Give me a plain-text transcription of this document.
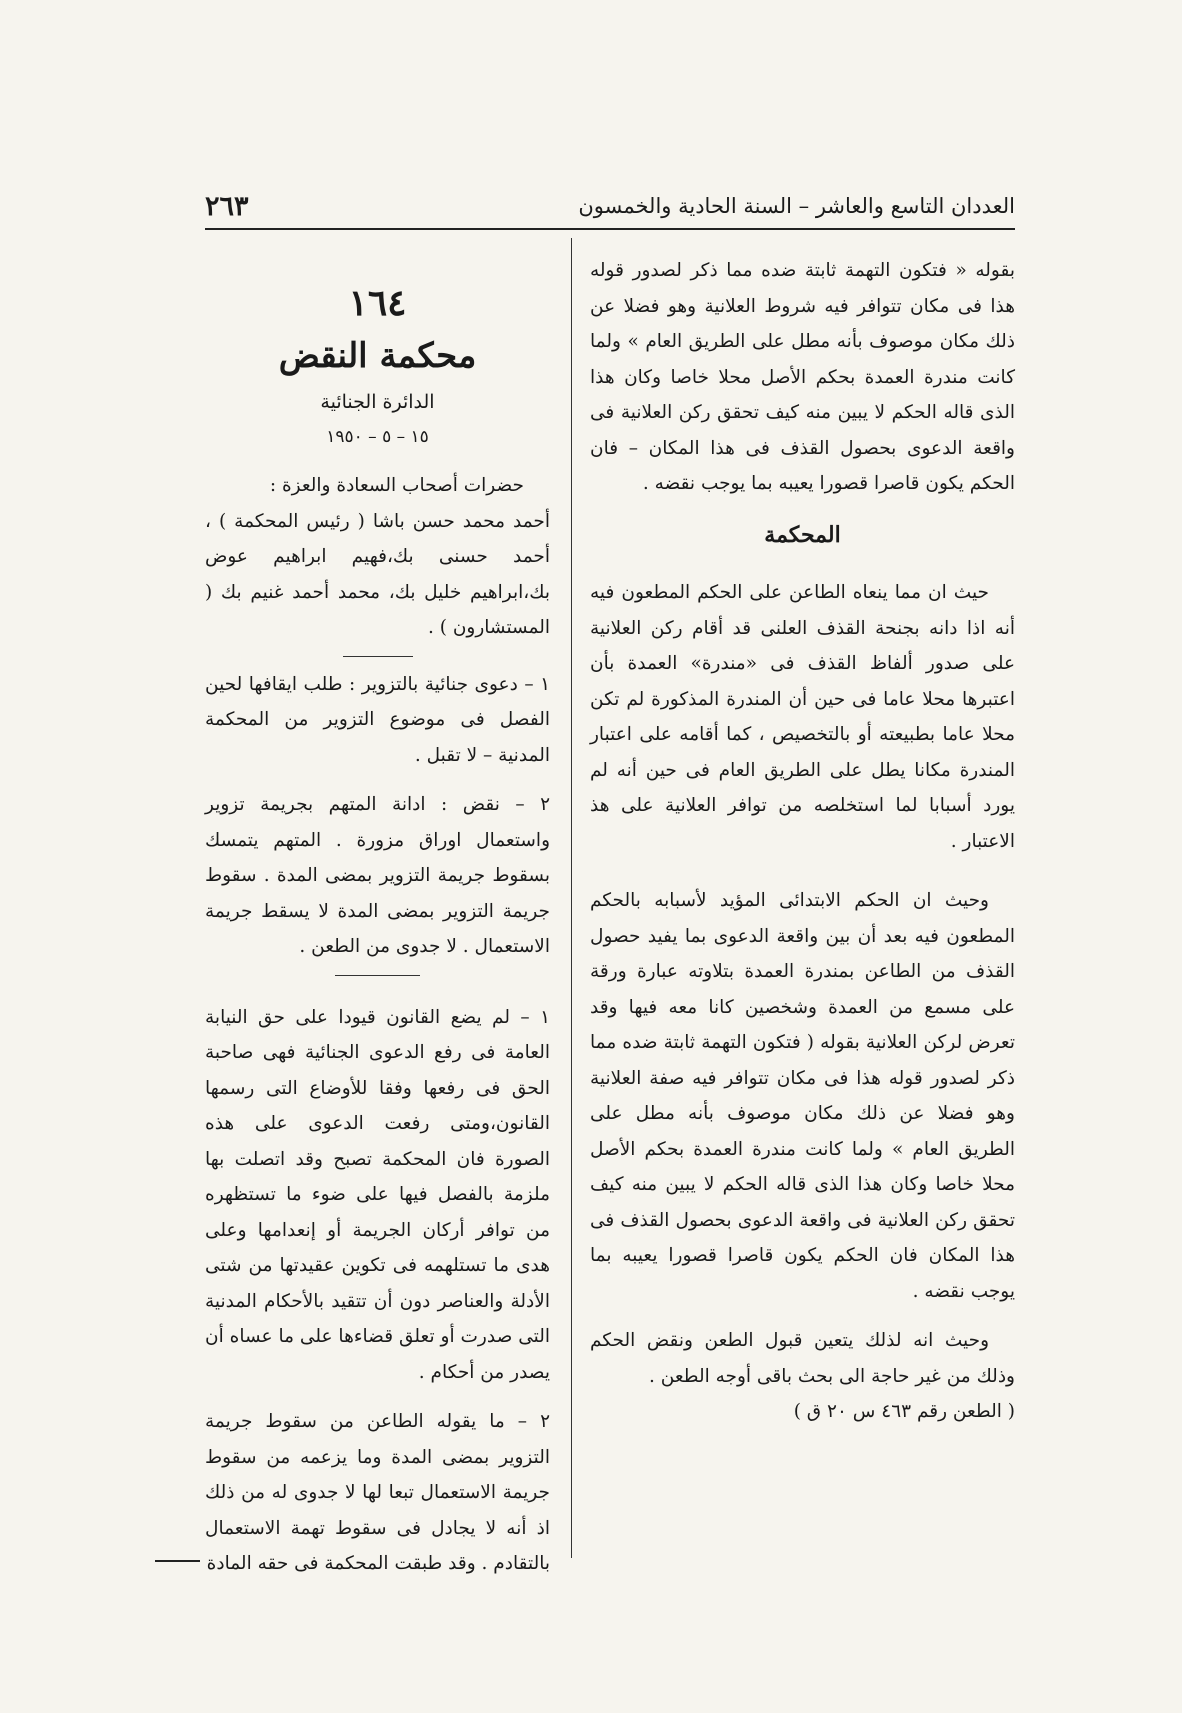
٢٦٣	العددان التاسع والعاشر – السنة الحادية والخمسون

بقوله « فتكون التهمة ثابتة ضده مما ذكر لصدور قوله هذا فى مكان تتوافر فيه شروط العلانية وهو فضلا عن ذلك مكان موصوف بأنه مطل على الطريق العام » ولما كانت مندرة العمدة بحكم الأصل محلا خاصا وكان هذا الذى قاله الحكم لا يبين منه كيف تحقق ركن العلانية فى واقعة الدعوى بحصول القذف فى هذا المكان – فان الحكم يكون قاصرا قصورا يعيبه بما يوجب نقضه .

المحكمة

حيث ان مما ينعاه الطاعن على الحكم المطعون فيه أنه اذا دانه بجنحة القذف العلنى قد أقام ركن العلانية على صدور ألفاظ القذف فى «مندرة» العمدة بأن اعتبرها محلا عاما فى حين أن المندرة المذكورة لم تكن محلا عاما بطبيعته أو بالتخصيص ، كما أقامه على اعتبار المندرة مكانا يطل على الطريق العام فى حين أنه لم يورد أسبابا لما استخلصه من توافر العلانية على هذ الاعتبار .

وحيث ان الحكم الابتدائى المؤيد لأسبابه بالحكم المطعون فيه بعد أن بين واقعة الدعوى بما يفيد حصول القذف من الطاعن بمندرة العمدة بتلاوته عبارة ورقة على مسمع من العمدة وشخصين كانا معه فيها وقد تعرض لركن العلانية بقوله ( فتكون التهمة ثابتة ضده مما ذكر لصدور قوله هذا فى مكان تتوافر فيه صفة العلانية وهو فضلا عن ذلك مكان موصوف بأنه مطل على الطريق العام » ولما كانت مندرة العمدة بحكم الأصل محلا خاصا وكان هذا الذى قاله الحكم لا يبين منه كيف تحقق ركن العلانية فى واقعة الدعوى بحصول القذف فى هذا المكان فان الحكم يكون قاصرا قصورا يعيبه بما يوجب نقضه .

وحيث انه لذلك يتعين قبول الطعن ونقض الحكم وذلك من غير حاجة الى بحث باقى أوجه الطعن .

( الطعن رقم ٤٦٣ س ٢٠ ق )

١٦٤
محكمة النقض
الدائرة الجنائية
١٥ – ٥ – ١٩٥٠

حضرات أصحاب السعادة والعزة :

أحمد محمد حسن باشا ( رئيس المحكمة ) ، أحمد حسنى بك،فهيم ابراهيم عوض بك،ابراهيم خليل بك، محمد أحمد غنيم بك ( المستشارون ) .

١ – دعوى جنائية بالتزوير : طلب ايقافها لحين الفصل فى موضوع التزوير من المحكمة المدنية – لا تقبل .

٢ – نقض : ادانة المتهم بجريمة تزوير واستعمال اوراق مزورة . المتهم يتمسك بسقوط جريمة التزوير بمضى المدة . سقوط جريمة التزوير بمضى المدة لا يسقط جريمة الاستعمال . لا جدوى من الطعن .

١ – لم يضع القانون قيودا على حق النيابة العامة فى رفع الدعوى الجنائية فهى صاحبة الحق فى رفعها وفقا للأوضاع التى رسمها القانون،ومتى رفعت الدعوى على هذه الصورة فان المحكمة تصبح وقد اتصلت بها ملزمة بالفصل فيها على ضوء ما تستظهره من توافر أركان الجريمة أو إنعدامها وعلى هدى ما تستلهمه فى تكوين عقيدتها من شتى الأدلة والعناصر دون أن تتقيد بالأحكام المدنية التى صدرت أو تعلق قضاءها على ما عساه أن يصدر من أحكام .

٢ – ما يقوله الطاعن من سقوط جريمة التزوير بمضى المدة وما يزعمه من سقوط جريمة الاستعمال تبعا لها لا جدوى له من ذلك اذ أنه لا يجادل فى سقوط تهمة الاستعمال بالتقادم . وقد طبقت المحكمة فى حقه المادة
